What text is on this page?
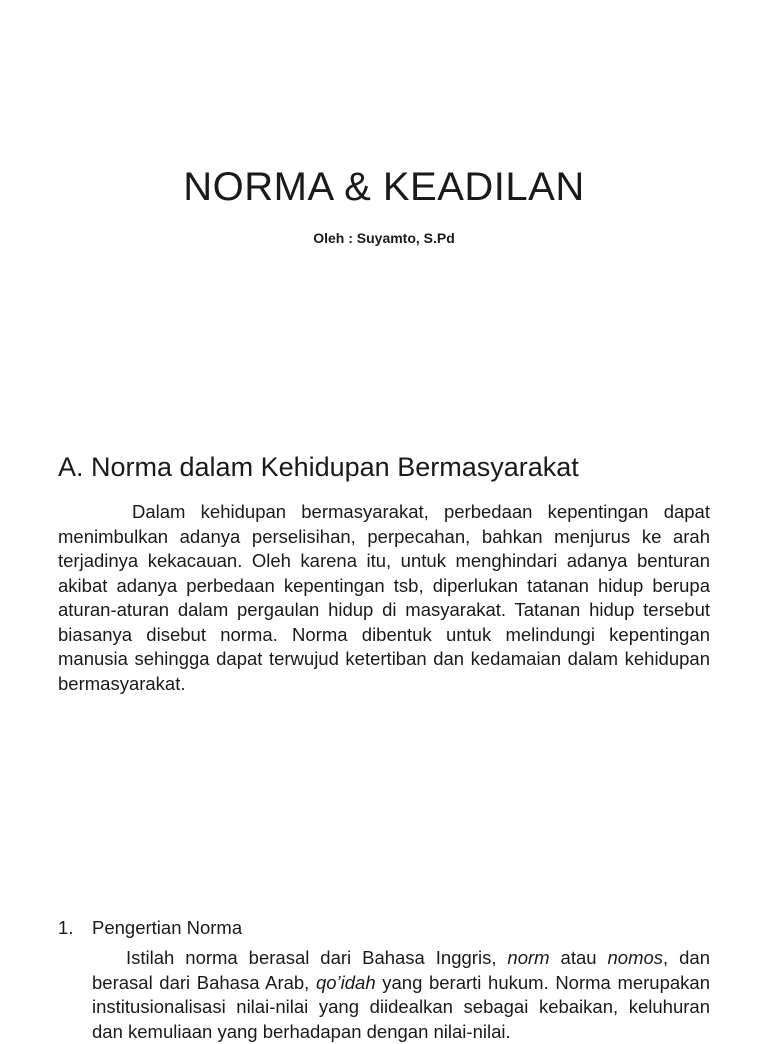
NORMA & KEADILAN
Oleh : Suyamto, S.Pd
A. Norma dalam Kehidupan Bermasyarakat

Dalam kehidupan bermasyarakat, perbedaan kepentingan dapat menimbulkan adanya perselisihan, perpecahan, bahkan menjurus ke arah terjadinya kekacauan. Oleh karena itu, untuk menghindari adanya benturan akibat adanya perbedaan kepentingan tsb, diperlukan tatanan hidup berupa aturan-aturan dalam pergaulan hidup di masyarakat. Tatanan hidup tersebut biasanya disebut norma. Norma dibentuk untuk melindungi kepentingan manusia sehingga dapat terwujud ketertiban dan kedamaian dalam kehidupan bermasyarakat.

1. Pengertian Norma

Istilah norma berasal dari Bahasa Inggris, norm atau nomos, dan berasal dari Bahasa Arab, qo’idah yang berarti hukum. Norma merupakan institusionalisasi nilai-nilai yang diidealkan sebagai kebaikan, keluhuran dan kemuliaan yang berhadapan dengan nilai-nilai.
